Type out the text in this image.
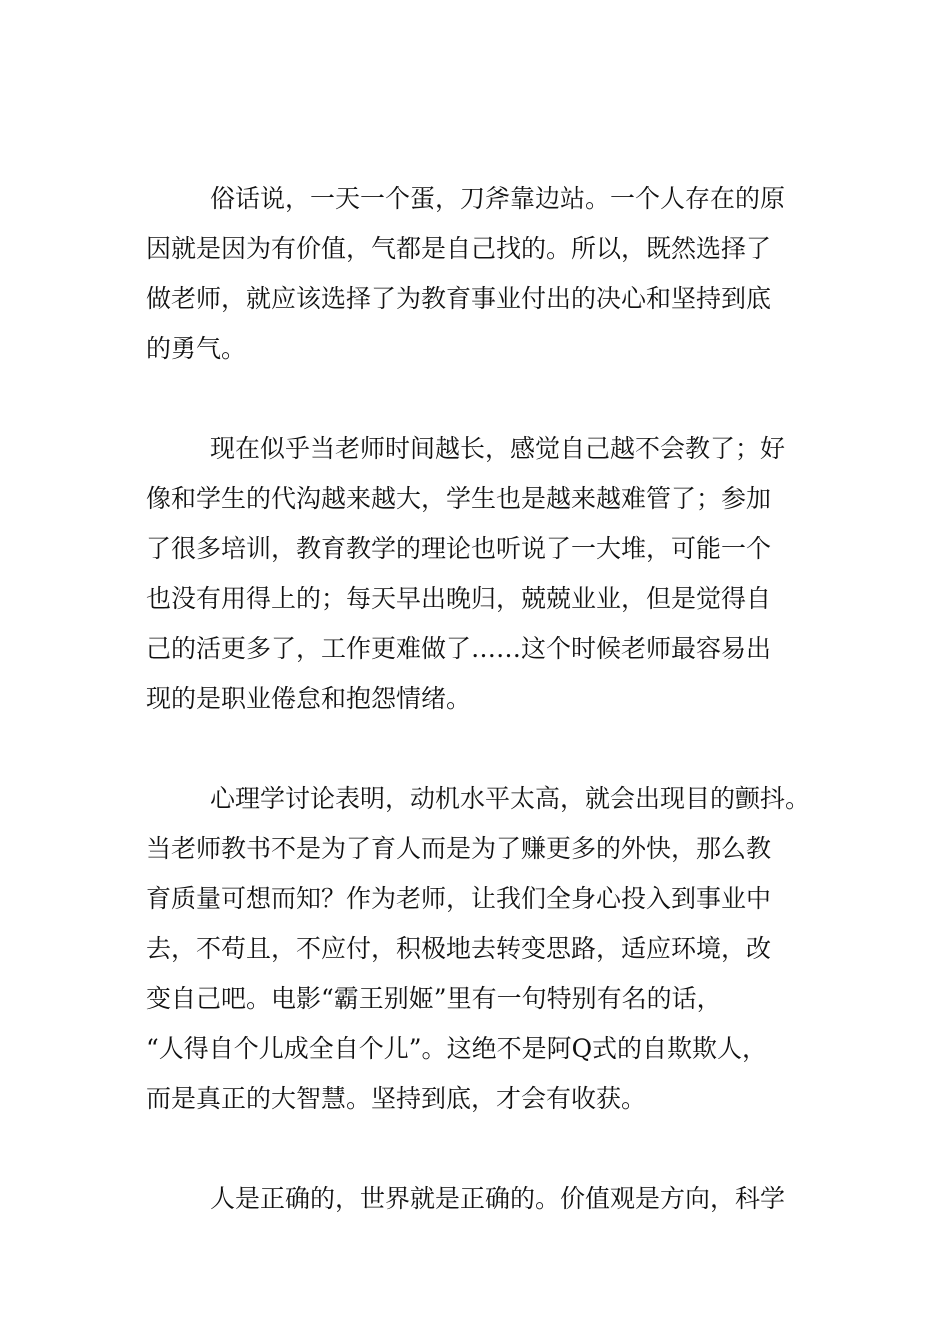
俗话说，一天一个蛋，刀斧靠边站。一个人存在的原
因就是因为有价值，气都是自己找的。所以，既然选择了
做老师，就应该选择了为教育事业付出的决心和坚持到底
的勇气。
现在似乎当老师时间越长，感觉自己越不会教了；好
像和学生的代沟越来越大，学生也是越来越难管了；参加
了很多培训，教育教学的理论也听说了一大堆，可能一个
也没有用得上的；每天早出晚归，兢兢业业，但是觉得自
己的活更多了，工作更难做了……这个时候老师最容易出
现的是职业倦怠和抱怨情绪。
心理学讨论表明，动机水平太高，就会出现目的颤抖。
当老师教书不是为了育人而是为了赚更多的外快，那么教
育质量可想而知？作为老师，让我们全身心投入到事业中
去，不苟且，不应付，积极地去转变思路，适应环境，改
变自己吧。电影“霸王别姬”里有一句特别有名的话，
“人得自个儿成全自个儿”。这绝不是阿Q式的自欺欺人，
而是真正的大智慧。坚持到底，才会有收获。
人是正确的，世界就是正确的。价值观是方向，科学
